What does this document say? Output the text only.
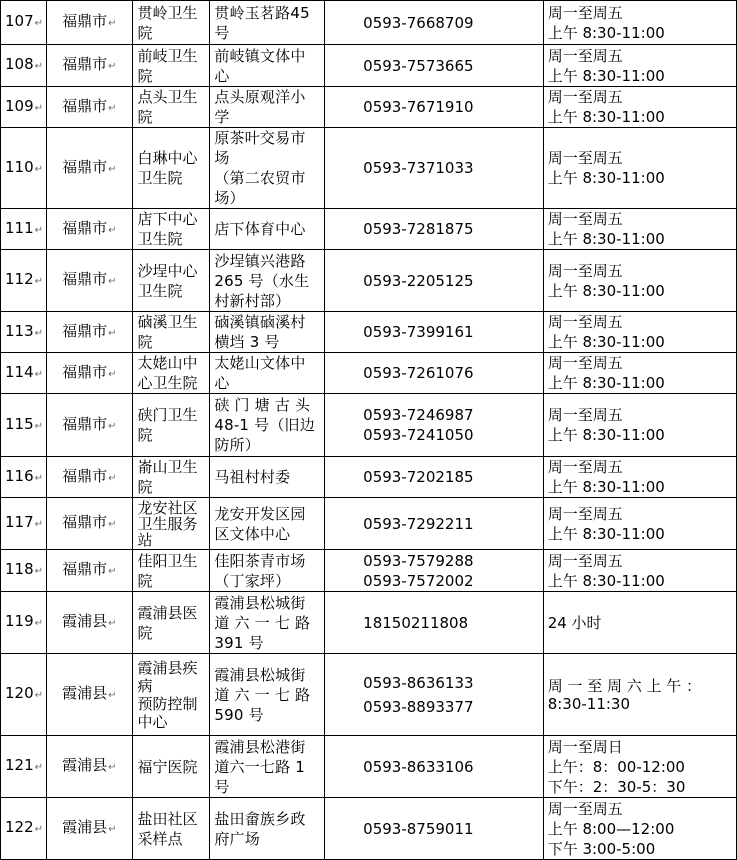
107↵	福鼎市↵	贯岭卫生
院	贯岭玉茗路45
号	0593-7668709	周一至周五
上午 8:30-11:00

108↵	福鼎市↵	前岐卫生
院	前岐镇文体中
心	0593-7573665	周一至周五
上午 8:30-11:00

109↵	福鼎市↵	点头卫生
院	点头原观洋小
学	0593-7671910	周一至周五
上午 8:30-11:00

110↵	福鼎市↵	白琳中心
卫生院	原茶叶交易市
场
（第二农贸市
场）	0593-7371033	周一至周五
上午 8:30-11:00

111↵	福鼎市↵	店下中心
卫生院	店下体育中心	0593-7281875	周一至周五
上午 8:30-11:00

112↵	福鼎市↵	沙埕中心
卫生院	沙埕镇兴港路
265 号（水生
村新村部）	0593-2205125	周一至周五
上午 8:30-11:00

113↵	福鼎市↵	硵溪卫生
院	硵溪镇硵溪村
横垱 3 号	0593-7399161	周一至周五
上午 8:30-11:00

114↵	福鼎市↵	太姥山中
心卫生院	太姥山文体中
心	0593-7261076	周一至周五
上午 8:30-11:00

115↵	福鼎市↵	硖门卫生
院	硖 门 塘 古 头
48-1 号（旧边
防所）	0593-7246987
0593-7241050	周一至周五
上午 8:30-11:00

116↵	福鼎市↵	嵛山卫生
院	马祖村村委	0593-7202185	周一至周五
上午 8:30-11:00

117↵	福鼎市↵	龙安社区
卫生服务
站	龙安开发区园
区文体中心	0593-7292211	周一至周五
上午 8:30-11:00

118↵	福鼎市↵	佳阳卫生
院	佳阳茶青市场
（丁家坪）	0593-7579288
0593-7572002	周一至周五
上午 8:30-11:00

119↵	霞浦县↵	霞浦县医
院	霞浦县松城街
道 六 一 七 路
391 号	18150211808	24 小时

120↵	霞浦县↵	霞浦县疾
病
预防控制
中心	霞浦县松城街
道 六 一 七 路
590 号	0593-8636133
0593-8893377	周 一 至 周 六 上 午 ：
8:30-11:30

121↵	霞浦县↵	福宁医院	霞浦县松港街
道六一七路 1
号	0593-8633106	周一至周日
上午：8：00-12:00
下午：2：30-5：30

122↵	霞浦县↵	盐田社区
采样点	盐田畲族乡政
府广场	0593-8759011	周一至周五
上午 8:00—12:00
下午 3:00-5:00
